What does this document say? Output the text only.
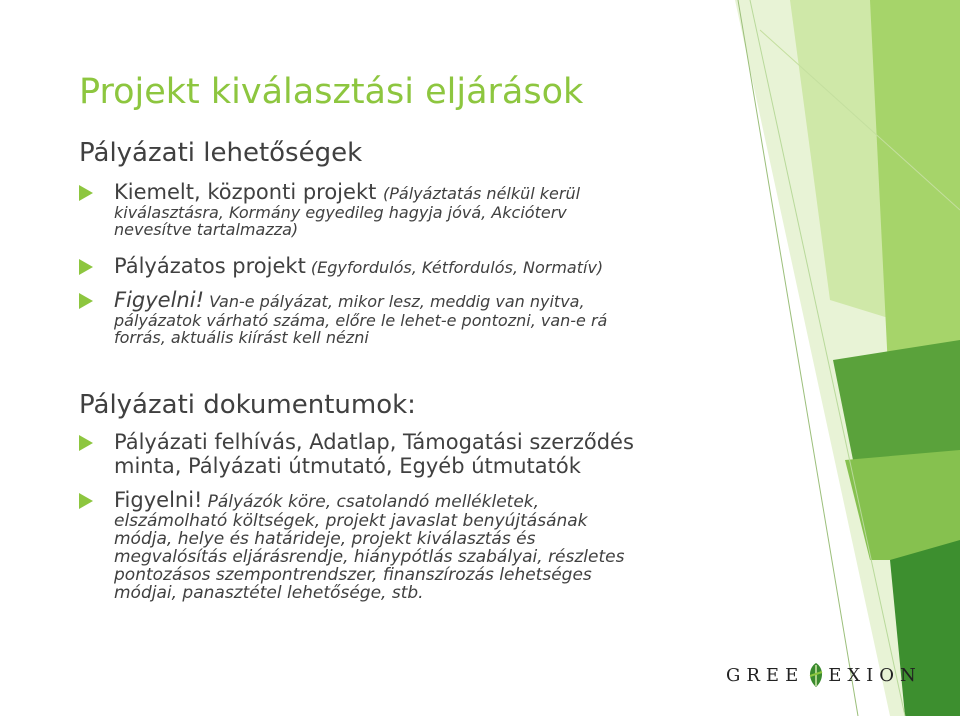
Projekt kiválasztási eljárások
Pályázati lehetőségek
Kiemelt, központi projekt (Pályáztatás nélkül kerül
kiválasztásra, Kormány egyedileg hagyja jóvá, Akcióterv
nevesítve tartalmazza)
Pályázatos projekt (Egyfordulós, Kétfordulós, Normatív)
Figyelni! Van-e pályázat, mikor lesz, meddig van nyitva,
pályázatok várható száma, előre le lehet-e pontozni, van-e rá
forrás, aktuális kiírást kell nézni
Pályázati dokumentumok:
Pályázati felhívás, Adatlap, Támogatási szerződés
minta, Pályázati útmutató, Egyéb útmutatók
Figyelni! Pályázók köre, csatolandó mellékletek,
elszámolható költségek, projekt javaslat benyújtásának
módja, helye és határideje, projekt kiválasztás és
megvalósítás eljárásrendje, hiánypótlás szabályai, részletes
pontozásos szempontrendszer, finanszírozás lehetséges
módjai, panasztétel lehetősége, stb.
GREE EXION
